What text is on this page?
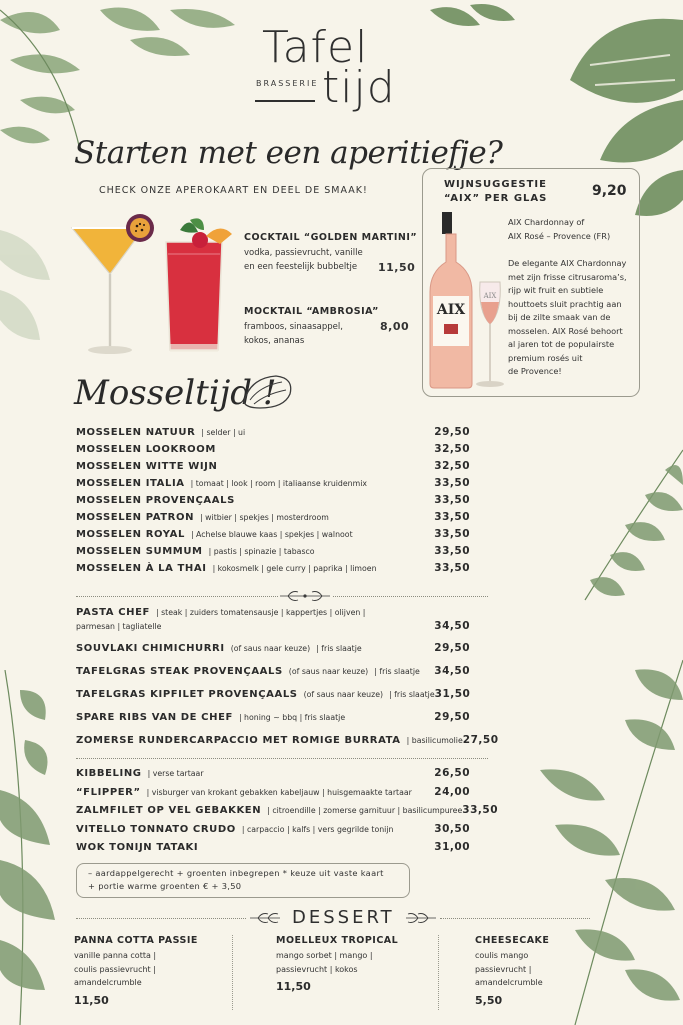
Tafel
tijd
BRASSERIE
Starten met een aperitiefje?
CHECK ONZE APEROKAART EN DEEL DE SMAAK!
COCKTAIL “GOLDEN MARTINI”
vodka, passievrucht, vanille
en een feestelijk bubbeltje 11,50
MOCKTAIL “AMBROSIA”
framboos, sinaasappel,
kokos, ananas
8,00
WIJNSUGGESTIE
“AIX” PER GLAS	9,20
AIX Chardonnay of
AIX Rosé – Provence (FR)
De elegante AIX Chardonnay
met zijn frisse citrusaroma’s,
rijp wit fruit en subtiele
houttoets sluit prachtig aan
bij de zilte smaak van de
mosselen. AIX Rosé behoort
al jaren tot de populairste
premium rosés uit
de Provence!
AIX
AIX
Mosseltijd !
MOSSELEN NATUUR | selder | ui	29,50
MOSSELEN LOOKROOM	32,50
MOSSELEN WITTE WIJN	32,50
MOSSELEN ITALIA | tomaat | look | room | italiaanse kruidenmix	33,50
MOSSELEN PROVENÇAALS	33,50
MOSSELEN PATRON | witbier | spekjes | mosterdroom	33,50
MOSSELEN ROYAL | Achelse blauwe kaas | spekjes | walnoot	33,50
MOSSELEN SUMMUM | pastis | spinazie | tabasco	33,50
MOSSELEN À LA THAI | kokosmelk | gele curry | paprika | limoen	33,50
PASTA CHEF | steak | zuiders tomatensausje | kappertjes | olijven |
parmesan | tagliatelle	34,50
SOUVLAKI CHIMICHURRI (of saus naar keuze) | fris slaatje	29,50
TAFELGRAS STEAK PROVENÇAALS (of saus naar keuze) | fris slaatje 34,50
TAFELGRAS KIPFILET PROVENÇAALS (of saus naar keuze) | fris slaatje 31,50
SPARE RIBS VAN DE CHEF | honing ~ bbq | fris slaatje	29,50
ZOMERSE RUNDERCARPACCIO MET ROMIGE BURRATA | basilicumolie 27,50
KIBBELING | verse tartaar	26,50
“FLIPPER” | visburger van krokant gebakken kabeljauw | huisgemaakte tartaar 24,00
ZALMFILET OP VEL GEBAKKEN | citroendille | zomerse garnituur | basilicumpuree 33,50
VITELLO TONNATO CRUDO | carpaccio | kalfs | vers gegrilde tonijn	30,50
WOK TONIJN TATAKI	31,00
– aardappelgerecht + groenten inbegrepen * keuze uit vaste kaart
+ portie warme groenten € + 3,50
DESSERT
PANNA COTTA PASSIE
vanille panna cotta |
coulis passievrucht |
amandelcrumble
11,50
MOELLEUX TROPICAL
mango sorbet | mango |
passievrucht | kokos
11,50
CHEESECAKE
coulis mango
passievrucht |
amandelcrumble
5,50
